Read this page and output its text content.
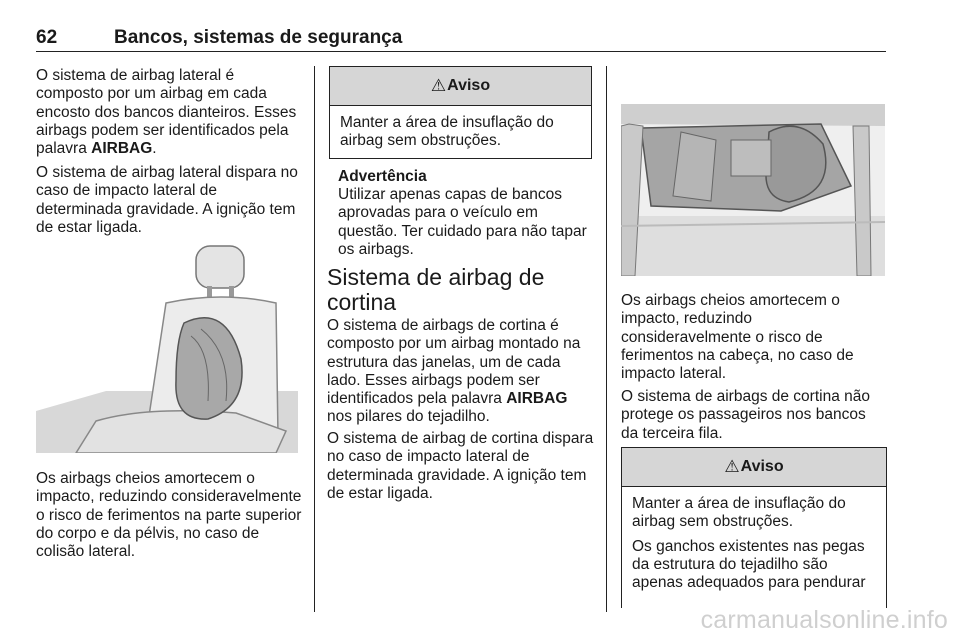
62	Bancos, sistemas de segurança

O sistema de airbag lateral é composto por um airbag em cada encosto dos bancos dianteiros. Esses airbags podem ser identificados pela palavra AIRBAG.

O sistema de airbag lateral dispara no caso de impacto lateral de determinada gravidade. A ignição tem de estar ligada.

Os airbags cheios amortecem o impacto, reduzindo consideravelmente o risco de ferimentos na parte superior do corpo e da pélvis, no caso de colisão lateral.

⚠ Aviso

Manter a área de insuflação do airbag sem obstruções.

Advertência

Utilizar apenas capas de bancos aprovadas para o veículo em questão. Ter cuidado para não tapar os airbags.

Sistema de airbag de cortina

O sistema de airbags de cortina é composto por um airbag montado na estrutura das janelas, um de cada lado. Esses airbags podem ser identificados pela palavra AIRBAG nos pilares do tejadilho.

O sistema de airbag de cortina dispara no caso de impacto lateral de determinada gravidade. A ignição tem de estar ligada.

Os airbags cheios amortecem o impacto, reduzindo consideravelmente o risco de ferimentos na cabeça, no caso de impacto lateral.

O sistema de airbags de cortina não protege os passageiros nos bancos da terceira fila.

⚠ Aviso

Manter a área de insuflação do airbag sem obstruções.

Os ganchos existentes nas pegas da estrutura do tejadilho são apenas adequados para pendurar

carmanualsonline.info
